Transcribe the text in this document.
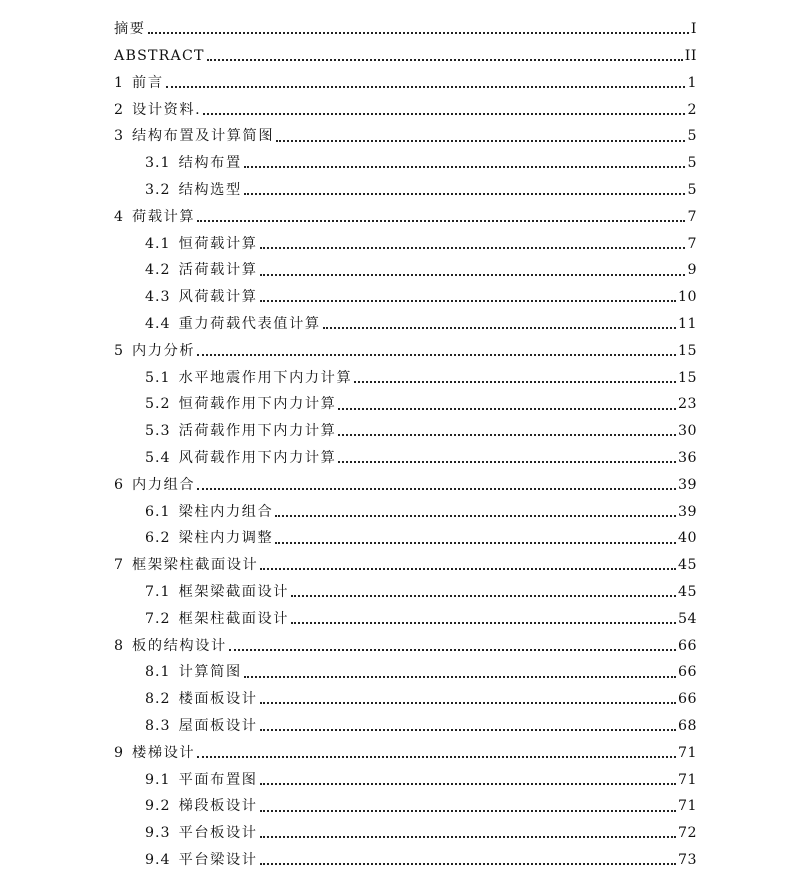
摘要	I
ABSTRACT	II
1 前言	1
2 设计资料.	2
3 结构布置及计算简图	5
3.1 结构布置	5
3.2 结构选型	5
4 荷载计算	7
4.1 恒荷载计算	7
4.2 活荷载计算	9
4.3 风荷载计算	10
4.4 重力荷载代表值计算	11
5 内力分析	15
5.1 水平地震作用下内力计算	15
5.2 恒荷载作用下内力计算	23
5.3 活荷载作用下内力计算	30
5.4 风荷载作用下内力计算	36
6 内力组合	39
6.1 梁柱内力组合	39
6.2 梁柱内力调整	40
7 框架梁柱截面设计	45
7.1 框架梁截面设计	45
7.2 框架柱截面设计	54
8 板的结构设计	66
8.1 计算简图	66
8.2 楼面板设计	66
8.3 屋面板设计	68
9 楼梯设计	71
9.1 平面布置图	71
9.2 梯段板设计	71
9.3 平台板设计	72
9.4 平台梁设计	73
